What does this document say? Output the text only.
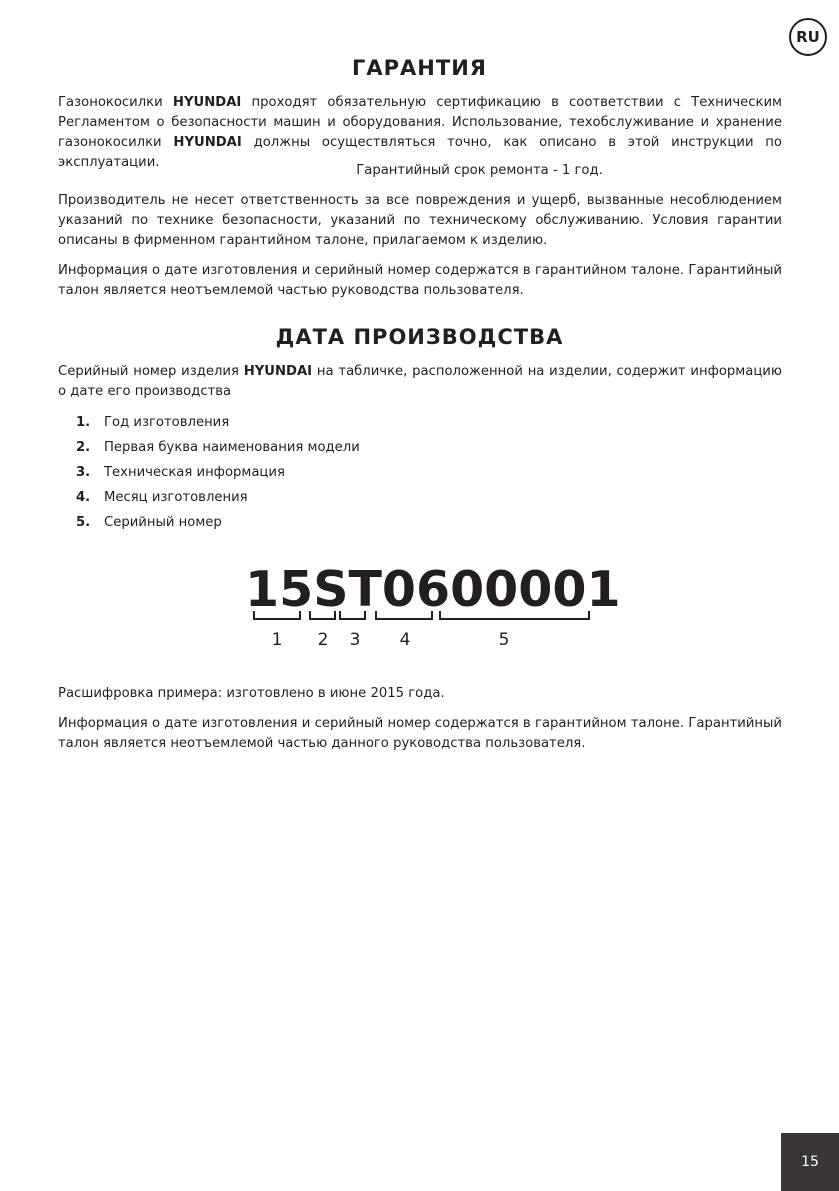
RU
ГАРАНТИЯ

Газонокосилки HYUNDAI проходят обязательную сертификацию в соответствии с Техническим Регламентом о безопасности машин и оборудования. Использование, техобслуживание и хранение газонокосилки HYUNDAI должны осуществляться точно, как описано в этой инструкции по эксплуатации.

Гарантийный срок ремонта - 1 год.

Производитель не несет ответственность за все повреждения и ущерб, вызванные несоблюдением указаний по технике безопасности, указаний по техническому обслуживанию. Условия гарантии описаны в фирменном гарантийном талоне, прилагаемом к изделию.

Информация о дате изготовления и серийный номер содержатся в гарантийном талоне. Гарантийный талон является неотъемлемой частью руководства пользователя.

ДАТА ПРОИЗВОДСТВА

Серийный номер изделия HYUNDAI на табличке, расположенной на изделии, содержит информацию о дате его производства

1.	Год изготовления
2.	Первая буква наименования модели
3.	Техническая информация
4.	Месяц изготовления
5.	Серийный номер
15ST0600001
1 2 3 4	5

Расшифровка примера: изготовлено в июне 2015 года.

Информация о дате изготовления и серийный номер содержатся в гарантийном талоне. Гарантийный талон является неотъемлемой частью данного руководства пользователя.

15
